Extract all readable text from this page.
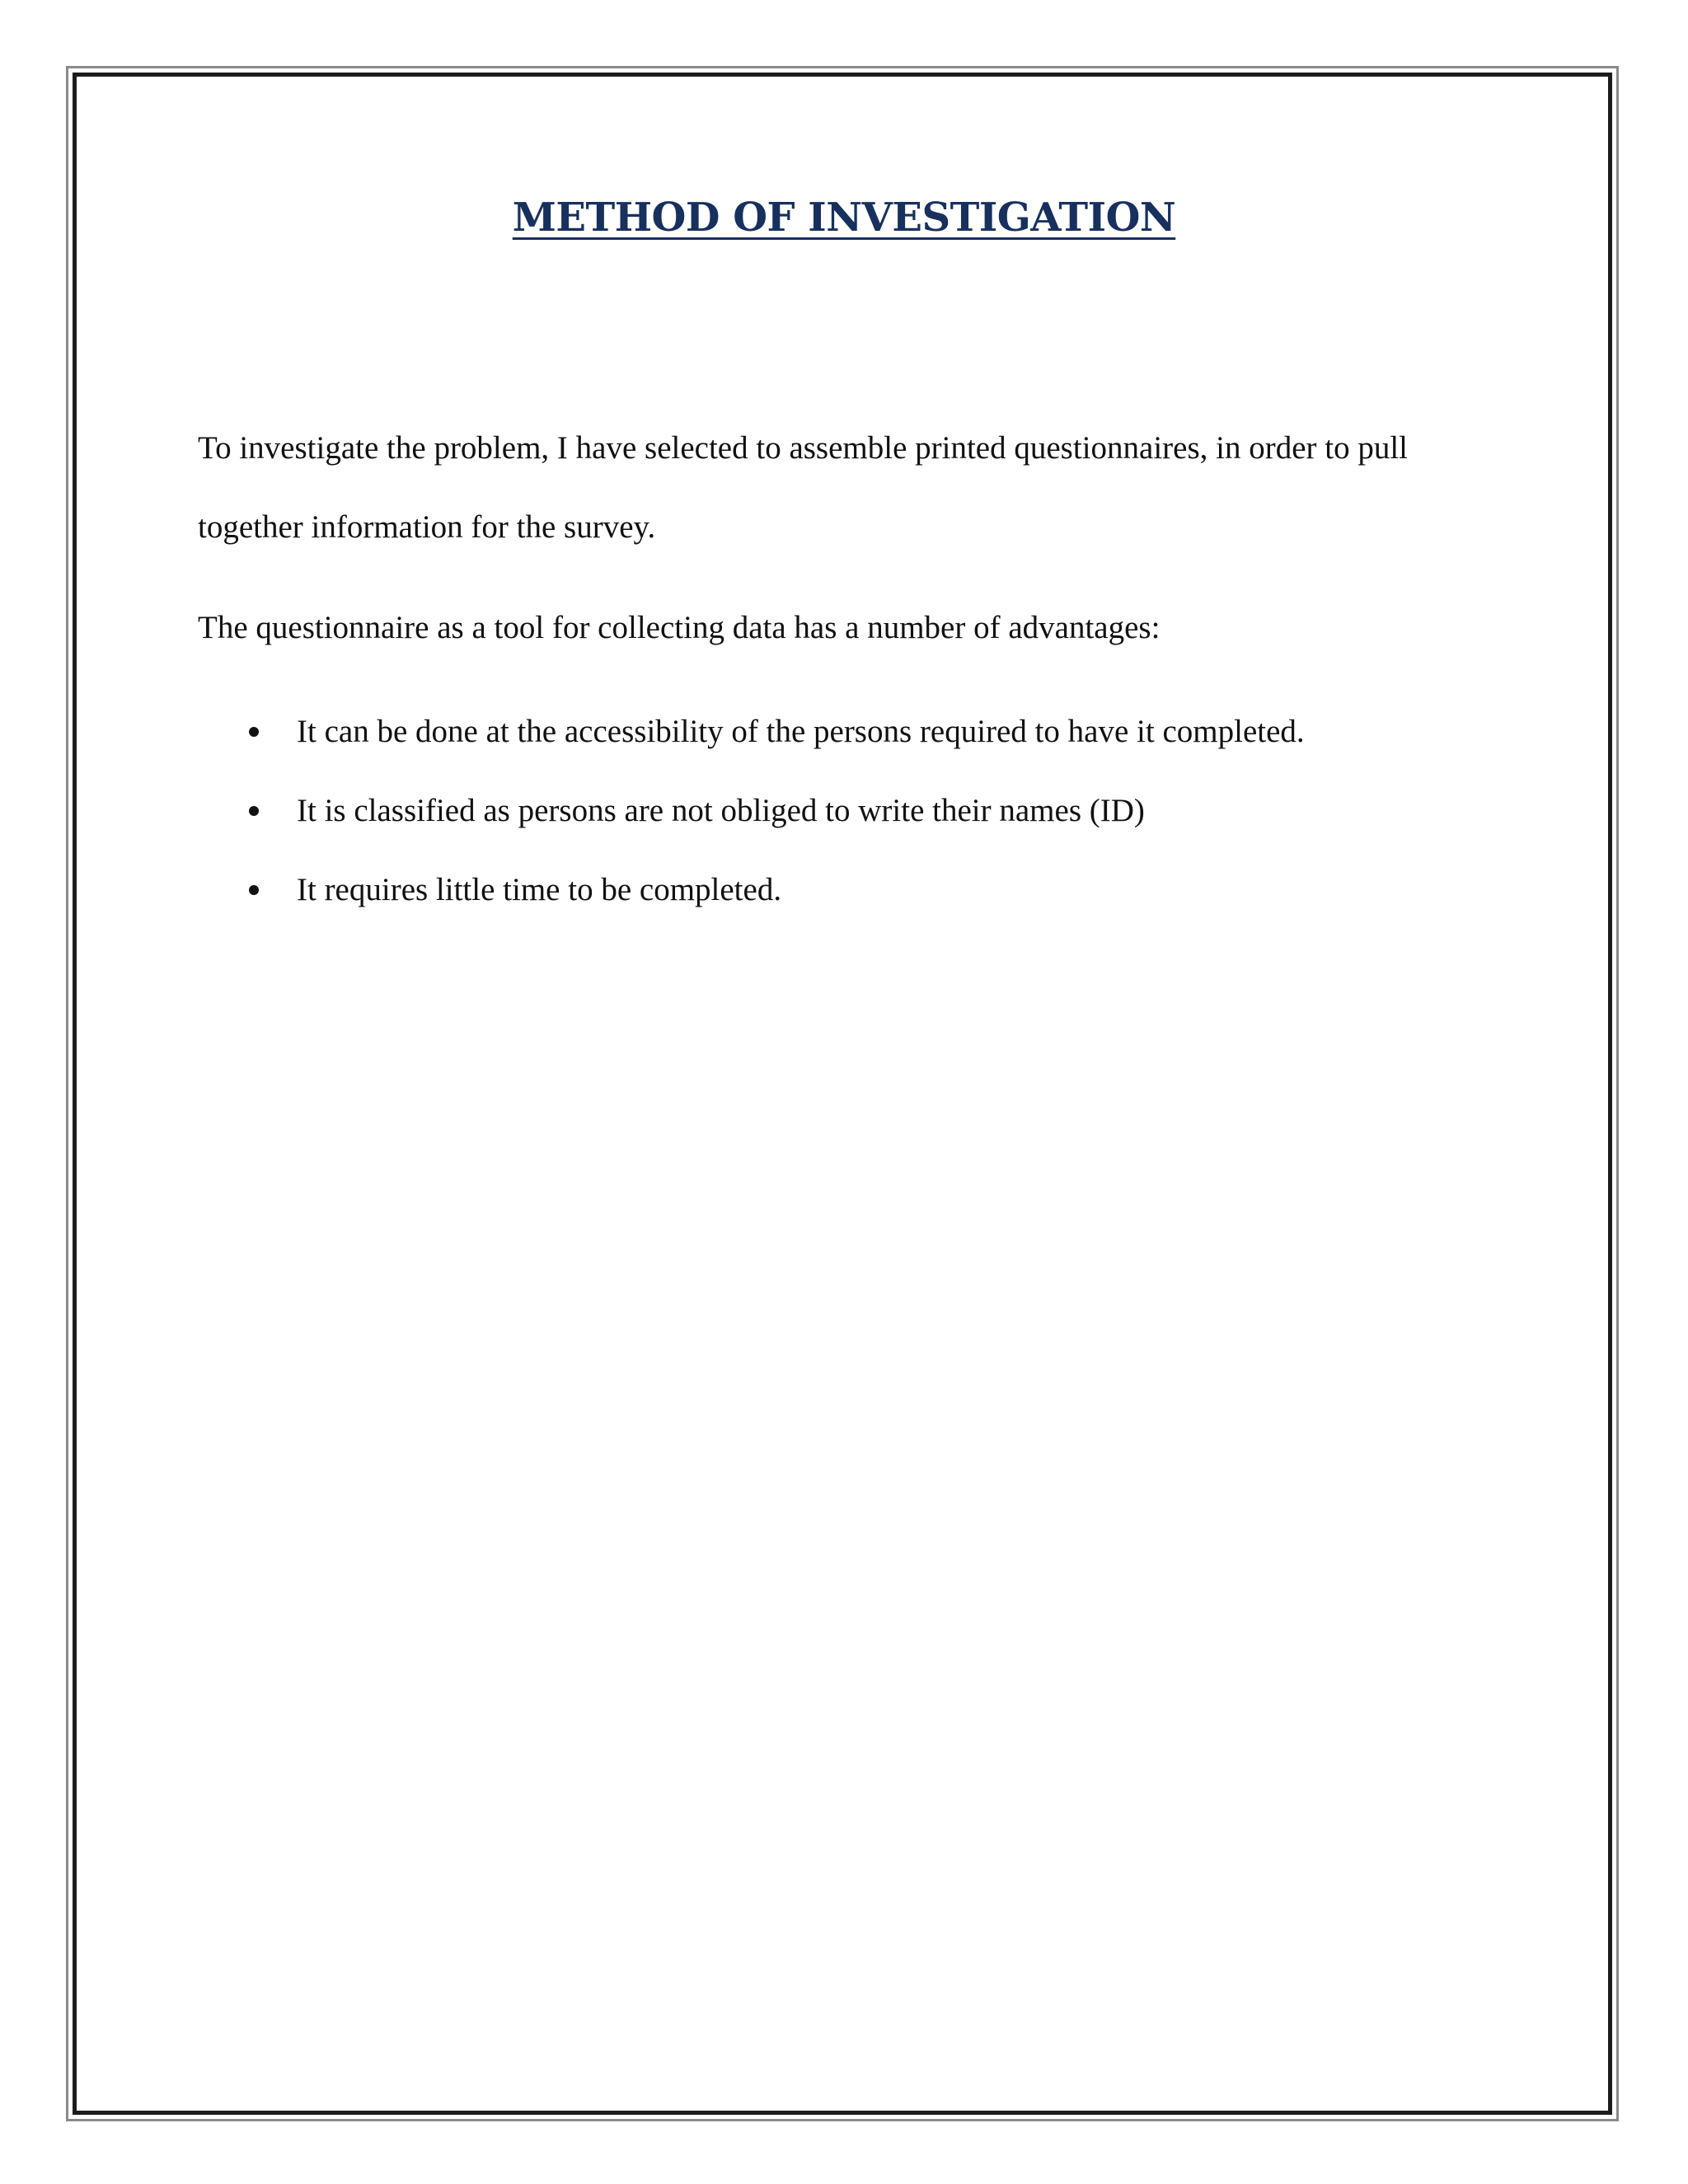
METHOD OF INVESTIGATION

To investigate the problem, I have selected to assemble printed questionnaires, in order to pull together information for the survey.

The questionnaire as a tool for collecting data has a number of advantages:

It can be done at the accessibility of the persons required to have it completed.
It is classified as persons are not obliged to write their names (ID)
It requires little time to be completed.
